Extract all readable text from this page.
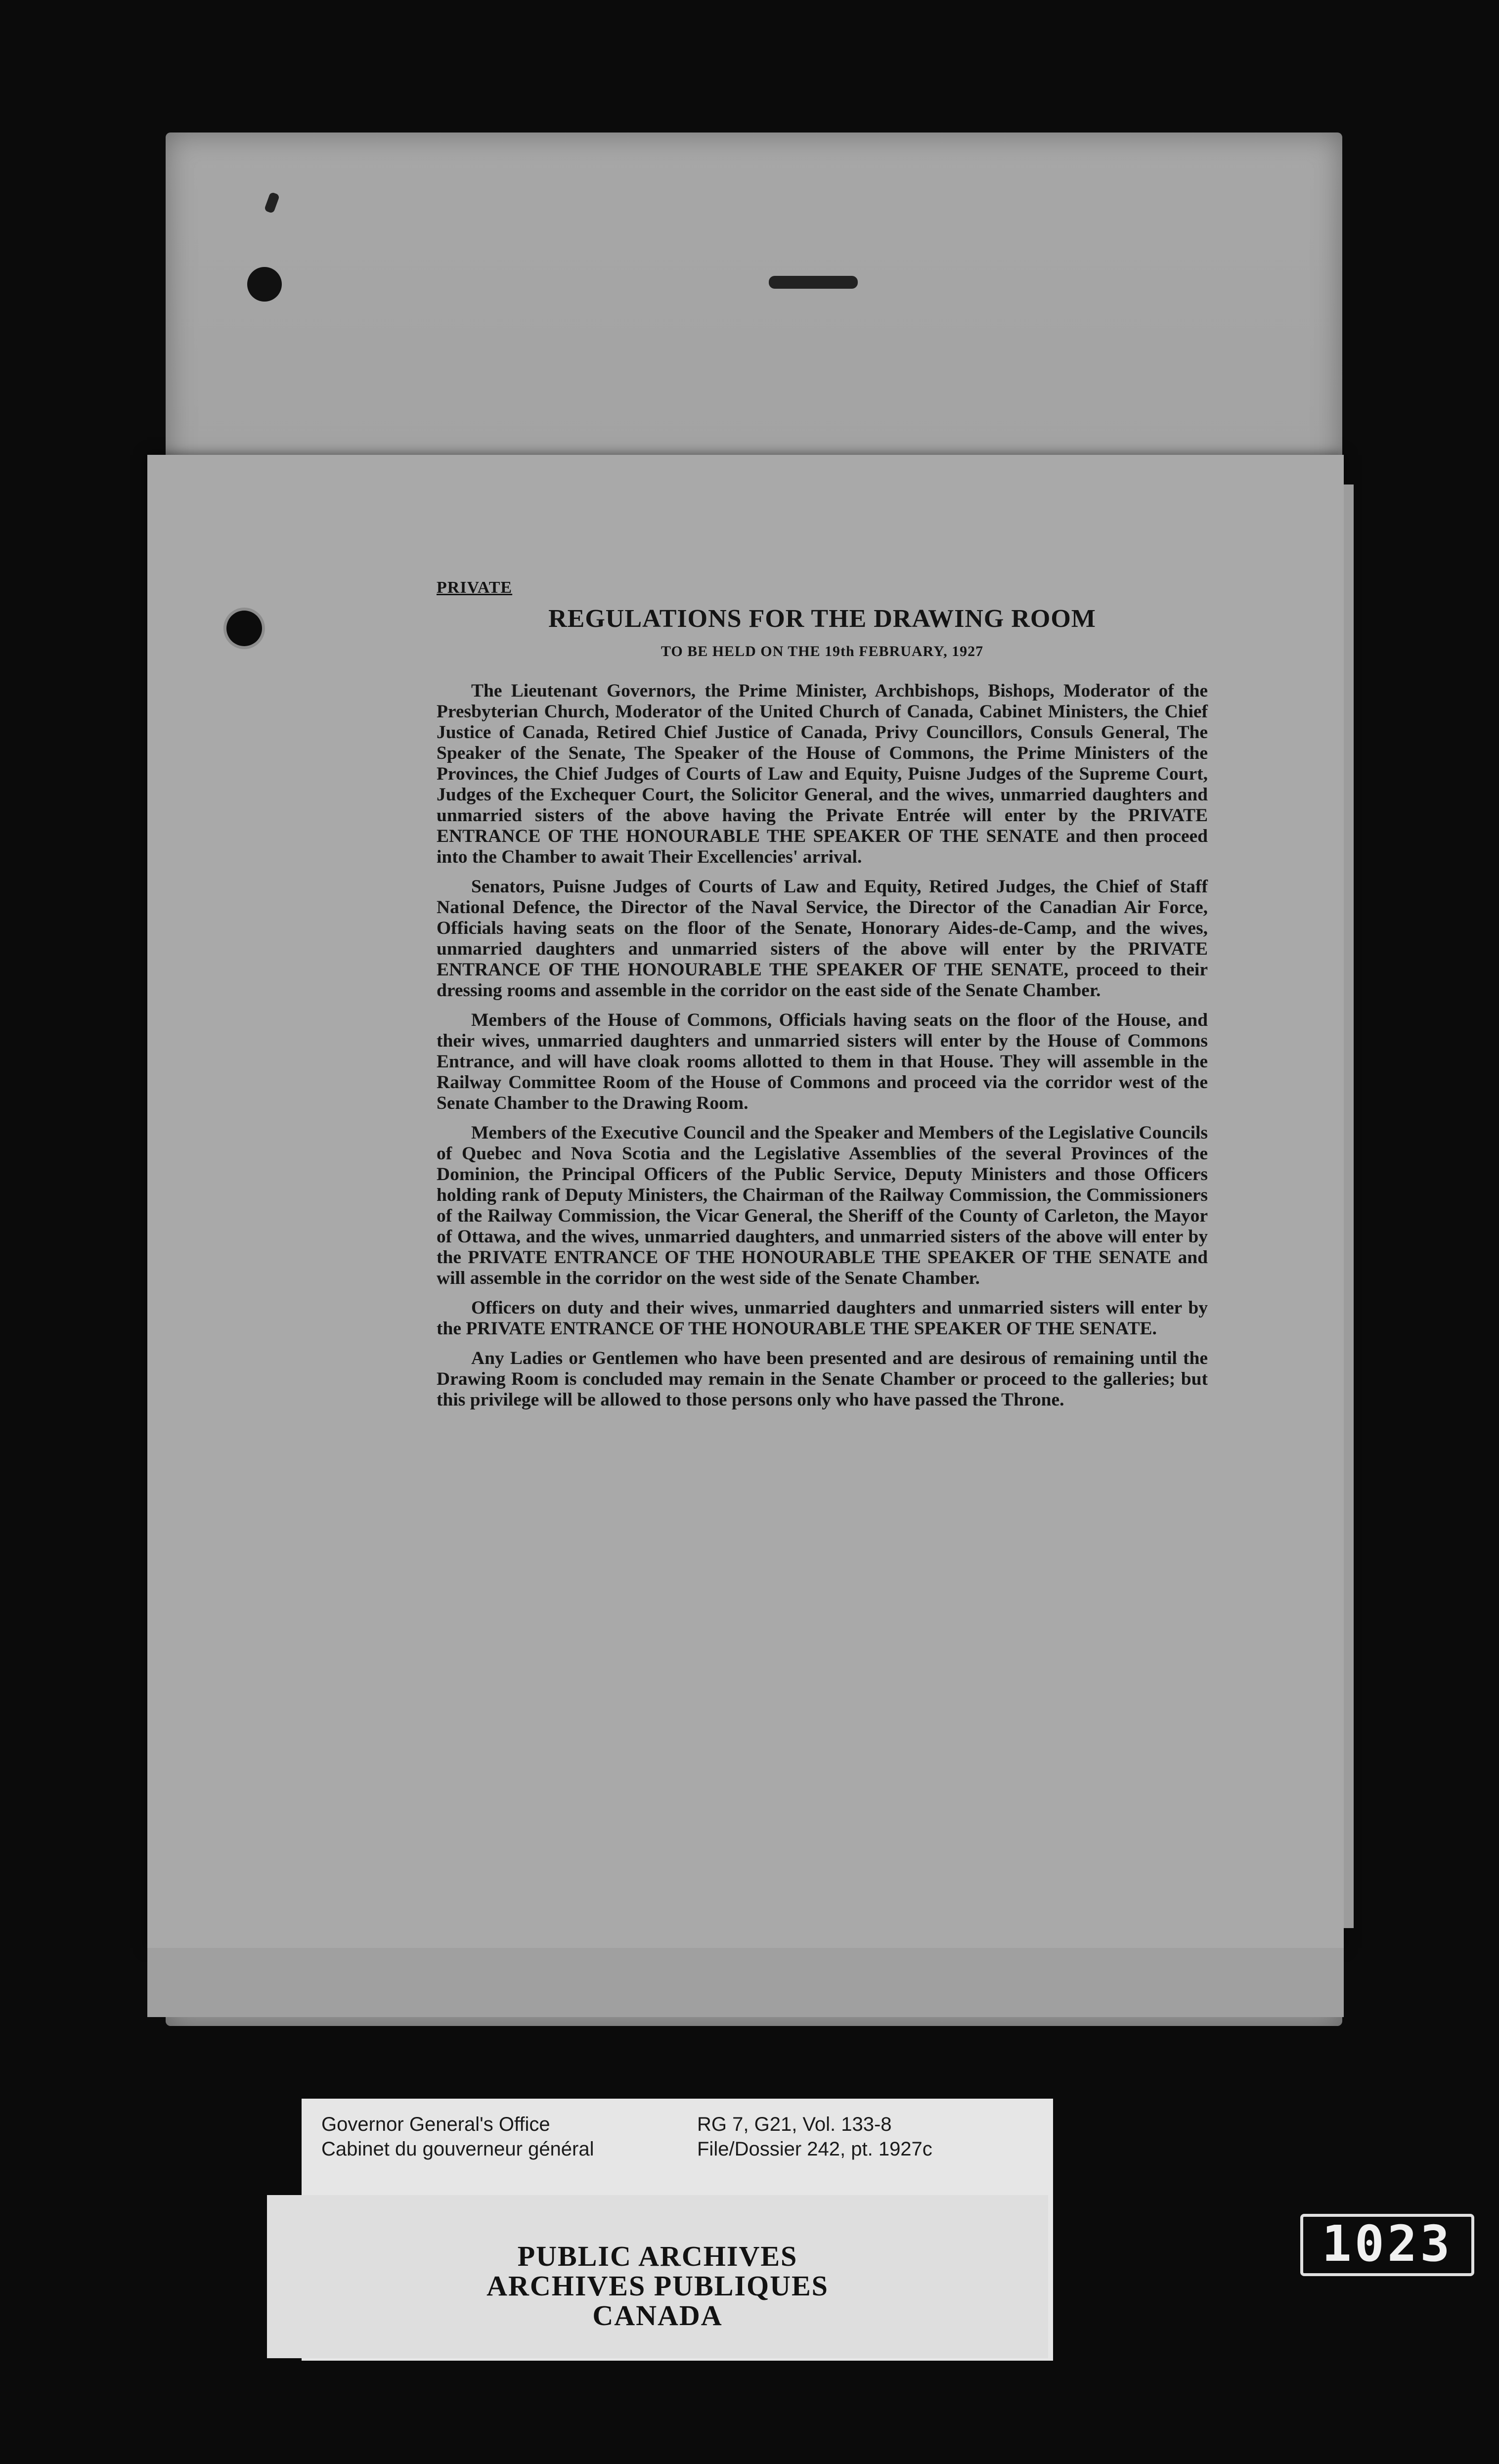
PRIVATE
REGULATIONS FOR THE DRAWING ROOM
TO BE HELD ON THE 19th FEBRUARY, 1927

The Lieutenant Governors, the Prime Minister, Archbishops, Bishops, Moderator of the Presbyterian Church, Moderator of the United Church of Canada, Cabinet Ministers, the Chief Justice of Canada, Retired Chief Justice of Canada, Privy Councillors, Consuls General, The Speaker of the Senate, The Speaker of the House of Commons, the Prime Ministers of the Provinces, the Chief Judges of Courts of Law and Equity, Puisne Judges of the Supreme Court, Judges of the Exchequer Court, the Solicitor General, and the wives, unmarried daughters and unmarried sisters of the above having the Private Entrée will enter by the PRIVATE ENTRANCE OF THE HONOURABLE THE SPEAKER OF THE SENATE and then proceed into the Chamber to await Their Excellencies' arrival.

Senators, Puisne Judges of Courts of Law and Equity, Retired Judges, the Chief of Staff National Defence, the Director of the Naval Service, the Director of the Canadian Air Force, Officials having seats on the floor of the Senate, Honorary Aides-de-Camp, and the wives, unmarried daughters and unmarried sisters of the above will enter by the PRIVATE ENTRANCE OF THE HONOURABLE THE SPEAKER OF THE SENATE, proceed to their dressing rooms and assemble in the corridor on the east side of the Senate Chamber.

Members of the House of Commons, Officials having seats on the floor of the House, and their wives, unmarried daughters and unmarried sisters will enter by the House of Commons Entrance, and will have cloak rooms allotted to them in that House. They will assemble in the Railway Committee Room of the House of Commons and proceed via the corridor west of the Senate Chamber to the Drawing Room.

Members of the Executive Council and the Speaker and Members of the Legislative Councils of Quebec and Nova Scotia and the Legislative Assemblies of the several Provinces of the Dominion, the Principal Officers of the Public Service, Deputy Ministers and those Officers holding rank of Deputy Ministers, the Chairman of the Railway Commission, the Commissioners of the Railway Commission, the Vicar General, the Sheriff of the County of Carleton, the Mayor of Ottawa, and the wives, unmarried daughters, and unmarried sisters of the above will enter by the PRIVATE ENTRANCE OF THE HONOURABLE THE SPEAKER OF THE SENATE and will assemble in the corridor on the west side of the Senate Chamber.

Officers on duty and their wives, unmarried daughters and unmarried sisters will enter by the PRIVATE ENTRANCE OF THE HONOURABLE THE SPEAKER OF THE SENATE.

Any Ladies or Gentlemen who have been presented and are desirous of remaining until the Drawing Room is concluded may remain in the Senate Chamber or proceed to the galleries; but this privilege will be allowed to those persons only who have passed the Throne.

Governor General's Office
Cabinet du gouverneur général
RG 7, G21, Vol. 133-8
File/Dossier 242, pt. 1927c
PUBLIC ARCHIVES
ARCHIVES PUBLIQUES
CANADA
1023
